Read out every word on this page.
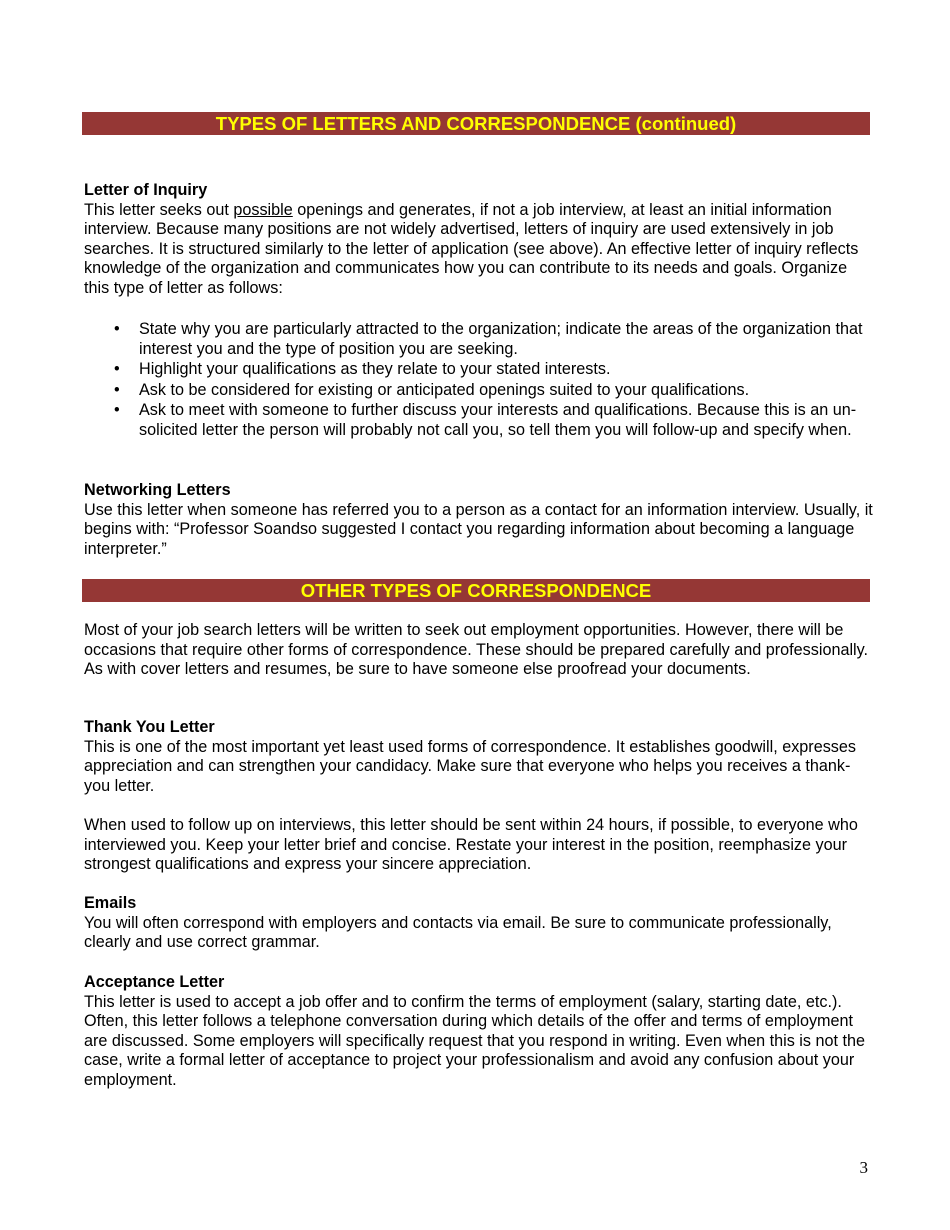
TYPES OF LETTERS AND CORRESPONDENCE (continued)
Letter of Inquiry
This letter seeks out possible openings and generates, if not a job interview, at least an initial information interview. Because many positions are not widely advertised, letters of inquiry are used extensively in job searches. It is structured similarly to the letter of application (see above). An effective letter of inquiry reflects knowledge of the organization and communicates how you can contribute to its needs and goals. Organize this type of letter as follows:
• State why you are particularly attracted to the organization; indicate the areas of the organization that interest you and the type of position you are seeking.
• Highlight your qualifications as they relate to your stated interests.
• Ask to be considered for existing or anticipated openings suited to your qualifications.
• Ask to meet with someone to further discuss your interests and qualifications. Because this is an un-solicited letter the person will probably not call you, so tell them you will follow-up and specify when.
Networking Letters
Use this letter when someone has referred you to a person as a contact for an information interview. Usually, it begins with: “Professor Soandso suggested I contact you regarding information about becoming a language interpreter.”
OTHER TYPES OF CORRESPONDENCE
Most of your job search letters will be written to seek out employment opportunities. However, there will be occasions that require other forms of correspondence. These should be prepared carefully and professionally. As with cover letters and resumes, be sure to have someone else proofread your documents.
Thank You Letter
This is one of the most important yet least used forms of correspondence. It establishes goodwill, expresses appreciation and can strengthen your candidacy. Make sure that everyone who helps you receives a thank-you letter.
When used to follow up on interviews, this letter should be sent within 24 hours, if possible, to everyone who interviewed you. Keep your letter brief and concise. Restate your interest in the position, reemphasize your strongest qualifications and express your sincere appreciation.
Emails
You will often correspond with employers and contacts via email. Be sure to communicate professionally, clearly and use correct grammar.
Acceptance Letter
This letter is used to accept a job offer and to confirm the terms of employment (salary, starting date, etc.). Often, this letter follows a telephone conversation during which details of the offer and terms of employment are discussed. Some employers will specifically request that you respond in writing. Even when this is not the case, write a formal letter of acceptance to project your professionalism and avoid any confusion about your employment.
3
